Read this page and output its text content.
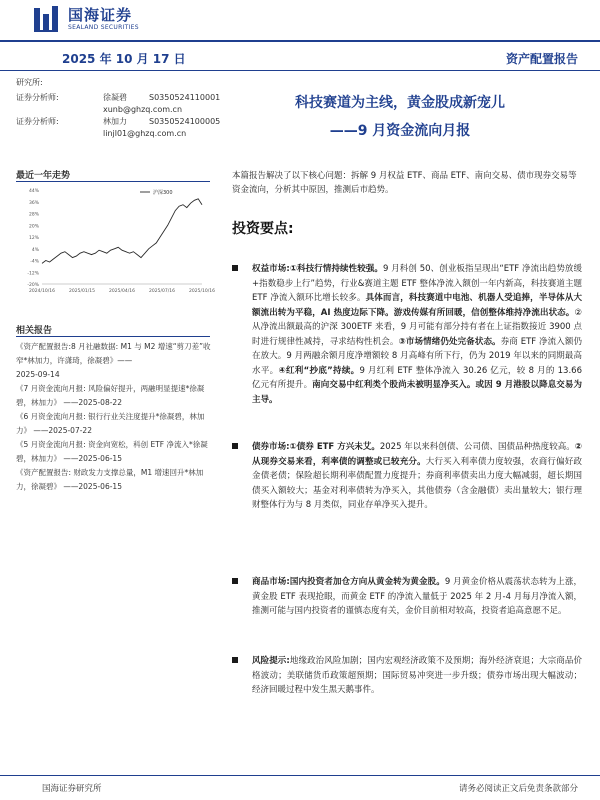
国海证券
SEALAND SECURITIES
2025 年 10 月 17 日	资产配置报告
研究所:
证券分析师:	徐凝碧	S0350524110001
xunb@ghzq.com.cn
证券分析师:	林加力	S0350524100005
linjl01@ghzq.com.cn
科技赛道为主线，黄金股成新宠儿
——9 月资金流向月报
最近一年走势
-20%
-12%
-4%
4%
12%
20%
28%
36%
44%
2024/10/16	2025/01/15	2025/04/16	2025/07/16	2025/10/16
沪深300
相关报告
《资产配置报告:8 月社融数据: M1 与 M2 增速“剪刀差”收窄*林加力，许潇琦，徐凝碧》——
2025-09-14
《7 月资金流向月报: 风险偏好提升，两融明显提速*徐凝碧，林加力》 ——2025-08-22
《6 月资金流向月报: 银行行业关注度提升*徐凝碧，林加力》 ——2025-07-22
《5 月资金流向月报: 资金向宽松，科创 ETF 净流入*徐凝碧，林加力》 ——2025-06-15
《资产配置报告: 财政发力支撑总量，M1 增速回升*林加力，徐凝碧》 ——2025-06-15
本篇报告解决了以下核心问题：拆解 9 月权益 ETF、商品 ETF、南向交易、债市现券交易等资金流向，分析其中原因，推测后市趋势。
投资要点:
权益市场:①科技行情持续性较强。9 月科创 50、创业板指呈现出“ETF 净流出趋势放缓+指数稳步上行”趋势，行业&赛道主题 ETF 整体净流入额创一年内新高，科技赛道主题 ETF 净流入额环比增长较多。具体而言，科技赛道中电池、机器人受追捧，半导体从大额流出转为平稳，AI 热度边际下降。游戏传媒有所回暖，信创整体维持净流出状态。②从净流出额最高的沪深 300ETF 来看，9 月可能有部分持有者在上证指数接近 3900 点时进行规律性减持，寻求结构性机会。③市场情绪仍处完备状态。券商 ETF 净流入额仍在放大。9 月两融余额月度净增额较 8 月高峰有所下行，仍为 2019 年以来的同期最高水平。④红利“抄底”持续。9 月红利 ETF 整体净流入 30.26 亿元，较 8 月的 13.66 亿元有所提升。南向交易中红利类个股尚未被明显净买入。或因 9 月港股以降息交易为主导。
债券市场:①债券 ETF 方兴未艾。2025 年以来科创债、公司债、国债品种热度较高。②从现券交易来看，利率债的调整或已较充分。大行买入利率债力度较强，农商行偏好政金债老债；保险超长期利率债配置力度提升；券商利率债卖出力度大幅减弱，超长期国债买入额较大；基金对利率债转为净买入，其他债券（含金融债）卖出量较大；银行理财整体行为与 8 月类似，同业存单净买入提升。
商品市场:国内投资者加仓方向从黄金转为黄金股。9 月黄金价格从震荡状态转为上涨，黄金股 ETF 表现抢眼，而黄金 ETF 的净流入量低于 2025 年 2 月-4 月每月净流入额，推测可能与国内投资者的谨慎态度有关，金价目前相对较高，投资者追高意愿不足。
风险提示:地缘政治风险加剧；国内宏观经济政策不及预期；海外经济衰退；大宗商品价格波动；美联储货币政策超预期；国际贸易冲突进一步升级；债券市场出现大幅波动；经济回暖过程中发生黑天鹅事件。
国海证券研究所	请务必阅读正文后免责条款部分
